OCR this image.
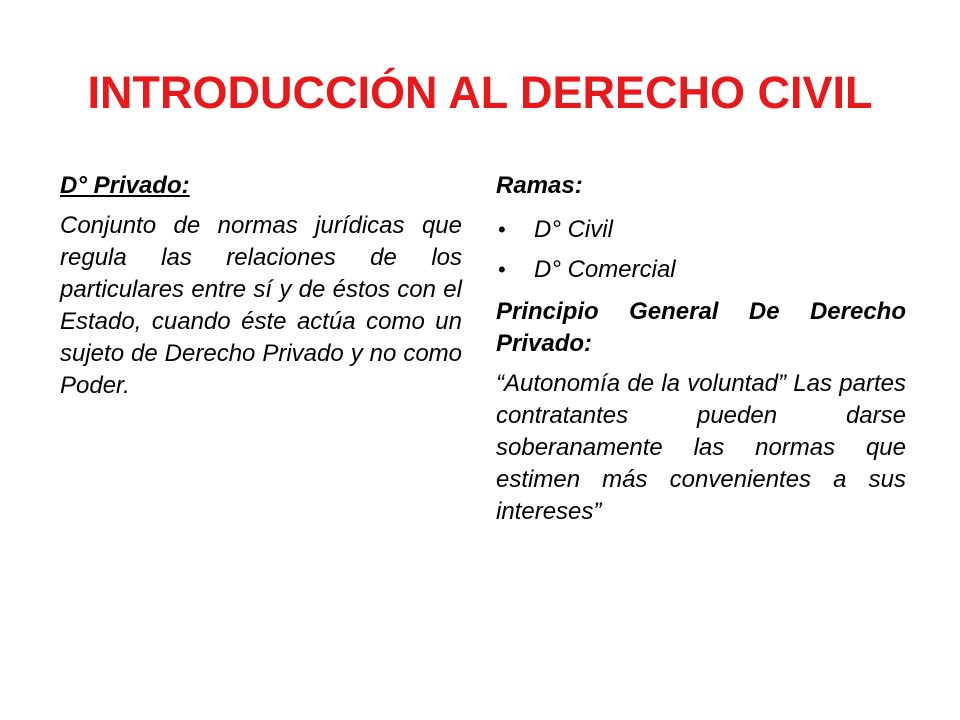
INTRODUCCIÓN AL DERECHO CIVIL

D° Privado:

Conjunto de normas jurídicas que regula las relaciones de los particulares entre sí y de éstos con el Estado, cuando éste actúa como un sujeto de Derecho Privado y no como Poder.

Ramas:

• D° Civil
• D° Comercial

Principio General De Derecho Privado:

“Autonomía de la voluntad” Las partes contratantes pueden darse soberanamente las normas que estimen más convenientes a sus intereses”
